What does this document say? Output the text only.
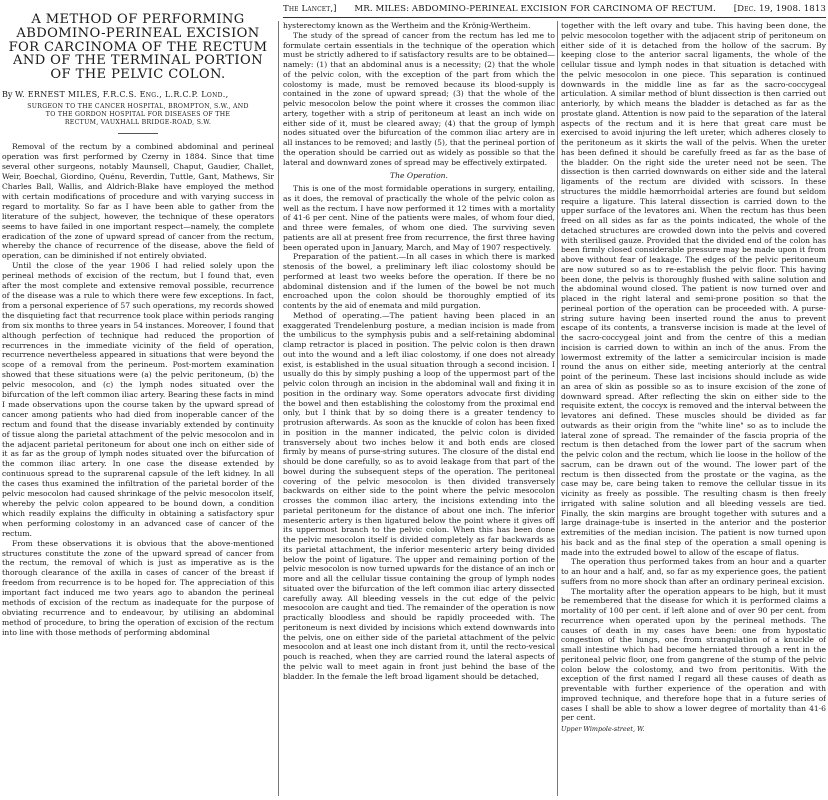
The Lancet,] MR. MILES: ABDOMINO-PERINEAL EXCISION FOR CARCINOMA OF RECTUM. [Dec. 19, 1908. 1813
A METHOD OF PERFORMING ABDOMINO-PERINEAL EXCISION FOR CARCINOMA OF THE RECTUM AND OF THE TERMINAL PORTION OF THE PELVIC COLON.
By W. ERNEST MILES, F.R.C.S. Eng., L.R.C.P. Lond.,
SURGEON TO THE CANCER HOSPITAL, BROMPTON, S.W., AND
TO THE GORDON HOSPITAL FOR DISEASES OF THE
RECTUM, VAUXHALL BRIDGE-ROAD, S.W.

Removal of the rectum by a combined abdominal and perineal operation was first performed by Czerny in 1884. Since that time several other surgeons, notably Maunsell, Chaput, Gaudier, Challet, Weir, Boechal, Giordino, Quénu, Reverdin, Tuttle, Gant, Mathews, Sir Charles Ball, Wallis, and Aldrich-Blake have employed the method with certain modifications of procedure and with varying success in regard to mortality. So far as I have been able to gather from the literature of the subject, however, the technique of these operators seems to have failed in one important respect—namely, the complete eradication of the zone of upward spread of cancer from the rectum, whereby the chance of recurrence of the disease, above the field of operation, can be diminished if not entirely obviated.

Until the close of the year 1906 I had relied solely upon the perineal methods of excision of the rectum, but I found that, even after the most complete and extensive removal possible, recurrence of the disease was a rule to which there were few exceptions. In fact, from a personal experience of 57 such operations, my records showed the disquieting fact that recurrence took place within periods ranging from six months to three years in 54 instances. Moreover, I found that although perfection of technique had reduced the proportion of recurrences in the immediate vicinity of the field of operation, recurrence nevertheless appeared in situations that were beyond the scope of a removal from the perineum. Post-mortem examination showed that these situations were (a) the pelvic peritoneum, (b) the pelvic mesocolon, and (c) the lymph nodes situated over the bifurcation of the left common iliac artery. Bearing these facts in mind I made observations upon the course taken by the upward spread of cancer among patients who had died from inoperable cancer of the rectum and found that the disease invariably extended by continuity of tissue along the parietal attachment of the pelvic mesocolon and in the adjacent parietal peritoneum for about one inch on either side of it as far as the group of lymph nodes situated over the bifurcation of the common iliac artery. In one case the disease extended by continuous spread to the suprarenal capsule of the left kidney. In all the cases thus examined the infiltration of the parietal border of the pelvic mesocolon had caused shrinkage of the pelvic mesocolon itself, whereby the pelvic colon appeared to be bound down, a condition which readily explains the difficulty in obtaining a satisfactory spur when performing colostomy in an advanced case of cancer of the rectum.

From these observations it is obvious that the above-mentioned structures constitute the zone of the upward spread of cancer from the rectum, the removal of which is just as imperative as is the thorough clearance of the axilla in cases of cancer of the breast if freedom from recurrence is to be hoped for. The appreciation of this important fact induced me two years ago to abandon the perineal methods of excision of the rectum as inadequate for the purpose of obviating recurrence and to endeavour, by utilising an abdominal method of procedure, to bring the operation of excision of the rectum into line with those methods of performing abdominal

hysterectomy known as the Wertheim and the Krönig-Wertheim.

The study of the spread of cancer from the rectum has led me to formulate certain essentials in the technique of the operation which must be strictly adhered to if satisfactory results are to be obtained—namely: (1) that an abdominal anus is a necessity; (2) that the whole of the pelvic colon, with the exception of the part from which the colostomy is made, must be removed because its blood-supply is contained in the zone of upward spread; (3) that the whole of the pelvic mesocolon below the point where it crosses the common iliac artery, together with a strip of peritoneum at least an inch wide on either side of it, must be cleared away; (4) that the group of lymph nodes situated over the bifurcation of the common iliac artery are in all instances to be removed; and lastly (5), that the perineal portion of the operation should be carried out as widely as possible so that the lateral and downward zones of spread may be effectively extirpated.

The Operation.

This is one of the most formidable operations in surgery, entailing, as it does, the removal of practically the whole of the pelvic colon as well as the rectum. I have now performed it 12 times with a mortality of 41·6 per cent. Nine of the patients were males, of whom four died, and three were females, of whom one died. The surviving seven patients are all at present free from recurrence, the first three having been operated upon in January, March, and May of 1907 respectively.

Preparation of the patient.—In all cases in which there is marked stenosis of the bowel, a preliminary left iliac colostomy should be performed at least two weeks before the operation. If there be no abdominal distension and if the lumen of the bowel be not much encroached upon the colon should be thoroughly emptied of its contents by the aid of enemata and mild purgation.

Method of operating.—The patient having been placed in an exaggerated Trendelenburg posture, a median incision is made from the umbilicus to the symphysis pubis and a self-retaining abdominal clamp retractor is placed in position. The pelvic colon is then drawn out into the wound and a left iliac colostomy, if one does not already exist, is established in the usual situation through a second incision. I usually do this by simply pushing a loop of the uppermost part of the pelvic colon through an incision in the abdominal wall and fixing it in position in the ordinary way. Some operators advocate first dividing the bowel and then establishing the colostomy from the proximal end only, but I think that by so doing there is a greater tendency to protrusion afterwards. As soon as the knuckle of colon has been fixed in position in the manner indicated, the pelvic colon is divided transversely about two inches below it and both ends are closed firmly by means of purse-string sutures. The closure of the distal end should be done carefully, so as to avoid leakage from that part of the bowel during the subsequent steps of the operation. The peritoneal covering of the pelvic mesocolon is then divided transversely backwards on either side to the point where the pelvic mesocolon crosses the common iliac artery, the incisions extending into the parietal peritoneum for the distance of about one inch. The inferior mesenteric artery is then ligatured below the point where it gives off its uppermost branch to the pelvic colon. When this has been done the pelvic mesocolon itself is divided completely as far backwards as its parietal attachment, the inferior mesenteric artery being divided below the point of ligature. The upper and remaining portion of the pelvic mesocolon is now turned upwards for the distance of an inch or more and all the cellular tissue containing the group of lymph nodes situated over the bifurcation of the left common iliac artery dissected carefully away. All bleeding vessels in the cut edge of the pelvic mesocolon are caught and tied. The remainder of the operation is now practically bloodless and should be rapidly proceeded with. The peritoneum is next divided by incisions which extend downwards into the pelvis, one on either side of the parietal attachment of the pelvic mesocolon and at least one inch distant from it, until the recto-vesical pouch is reached, when they are carried round the lateral aspects of the pelvic wall to meet again in front just behind the base of the bladder. In the female the left broad ligament should be detached,

together with the left ovary and tube. This having been done, the pelvic mesocolon together with the adjacent strip of peritoneum on either side of it is detached from the hollow of the sacrum. By keeping close to the anterior sacral ligaments, the whole of the cellular tissue and lymph nodes in that situation is detached with the pelvic mesocolon in one piece. This separation is continued downwards in the middle line as far as the sacro-coccygeal articulation. A similar method of blunt dissection is then carried out anteriorly, by which means the bladder is detached as far as the prostate gland. Attention is now paid to the separation of the lateral aspects of the rectum and it is here that great care must be exercised to avoid injuring the left ureter, which adheres closely to the peritoneum as it skirts the wall of the pelvis. When the ureter has been defined it should be carefully freed as far as the base of the bladder. On the right side the ureter need not be seen. The dissection is then carried downwards on either side and the lateral ligaments of the rectum are divided with scissors. In these structures the middle hæmorrhoidal arteries are found but seldom require a ligature. This lateral dissection is carried down to the upper surface of the levatores ani. When the rectum has thus been freed on all sides as far as the points indicated, the whole of the detached structures are crowded down into the pelvis and covered with sterilised gauze. Provided that the divided end of the colon has been firmly closed considerable pressure may be made upon it from above without fear of leakage. The edges of the pelvic peritoneum are now sutured so as to re-establish the pelvic floor. This having been done, the pelvis is thoroughly flushed with saline solution and the abdominal wound closed. The patient is now turned over and placed in the right lateral and semi-prone position so that the perineal portion of the operation can be proceeded with. A purse-string suture having been inserted round the anus to prevent escape of its contents, a transverse incision is made at the level of the sacro-coccygeal joint and from the centre of this a median incision is carried down to within an inch of the anus. From the lowermost extremity of the latter a semicircular incision is made round the anus on either side, meeting anteriorly at the central point of the perineum. These last incisions should include as wide an area of skin as possible so as to insure excision of the zone of downward spread. After reflecting the skin on either side to the requisite extent, the coccyx is removed and the interval between the levatores ani defined. These muscles should be divided as far outwards as their origin from the "white line" so as to include the lateral zone of spread. The remainder of the fascia propria of the rectum is then detached from the lower part of the sacrum when the pelvic colon and the rectum, which lie loose in the hollow of the sacrum, can be drawn out of the wound. The lower part of the rectum is then dissected from the prostate or the vagina, as the case may be, care being taken to remove the cellular tissue in its vicinity as freely as possible. The resulting chasm is then freely irrigated with saline solution and all bleeding vessels are tied. Finally, the skin margins are brought together with sutures and a large drainage-tube is inserted in the anterior and the posterior extremities of the median incision. The patient is now turned upon his back and as the final step of the operation a small opening is made into the extruded bowel to allow of the escape of flatus.

The operation thus performed takes from an hour and a quarter to an hour and a half, and, so far as my experience goes, the patient suffers from no more shock than after an ordinary perineal excision.

The mortality after the operation appears to be high, but it must be remembered that the disease for which it is performed claims a mortality of 100 per cent. if left alone and of over 90 per cent. from recurrence when operated upon by the perineal methods. The causes of death in my cases have been: one from hypostatic congestion of the lungs, one from strangulation of a knuckle of small intestine which had become herniated through a rent in the peritoneal pelvic floor, one from gangrene of the stump of the pelvic colon below the colostomy, and two from peritonitis. With the exception of the first named I regard all these causes of death as preventable with further experience of the operation and with improved technique, and therefore hope that in a future series of cases I shall be able to show a lower degree of mortality than 41·6 per cent.

Upper Wimpole-street, W.
